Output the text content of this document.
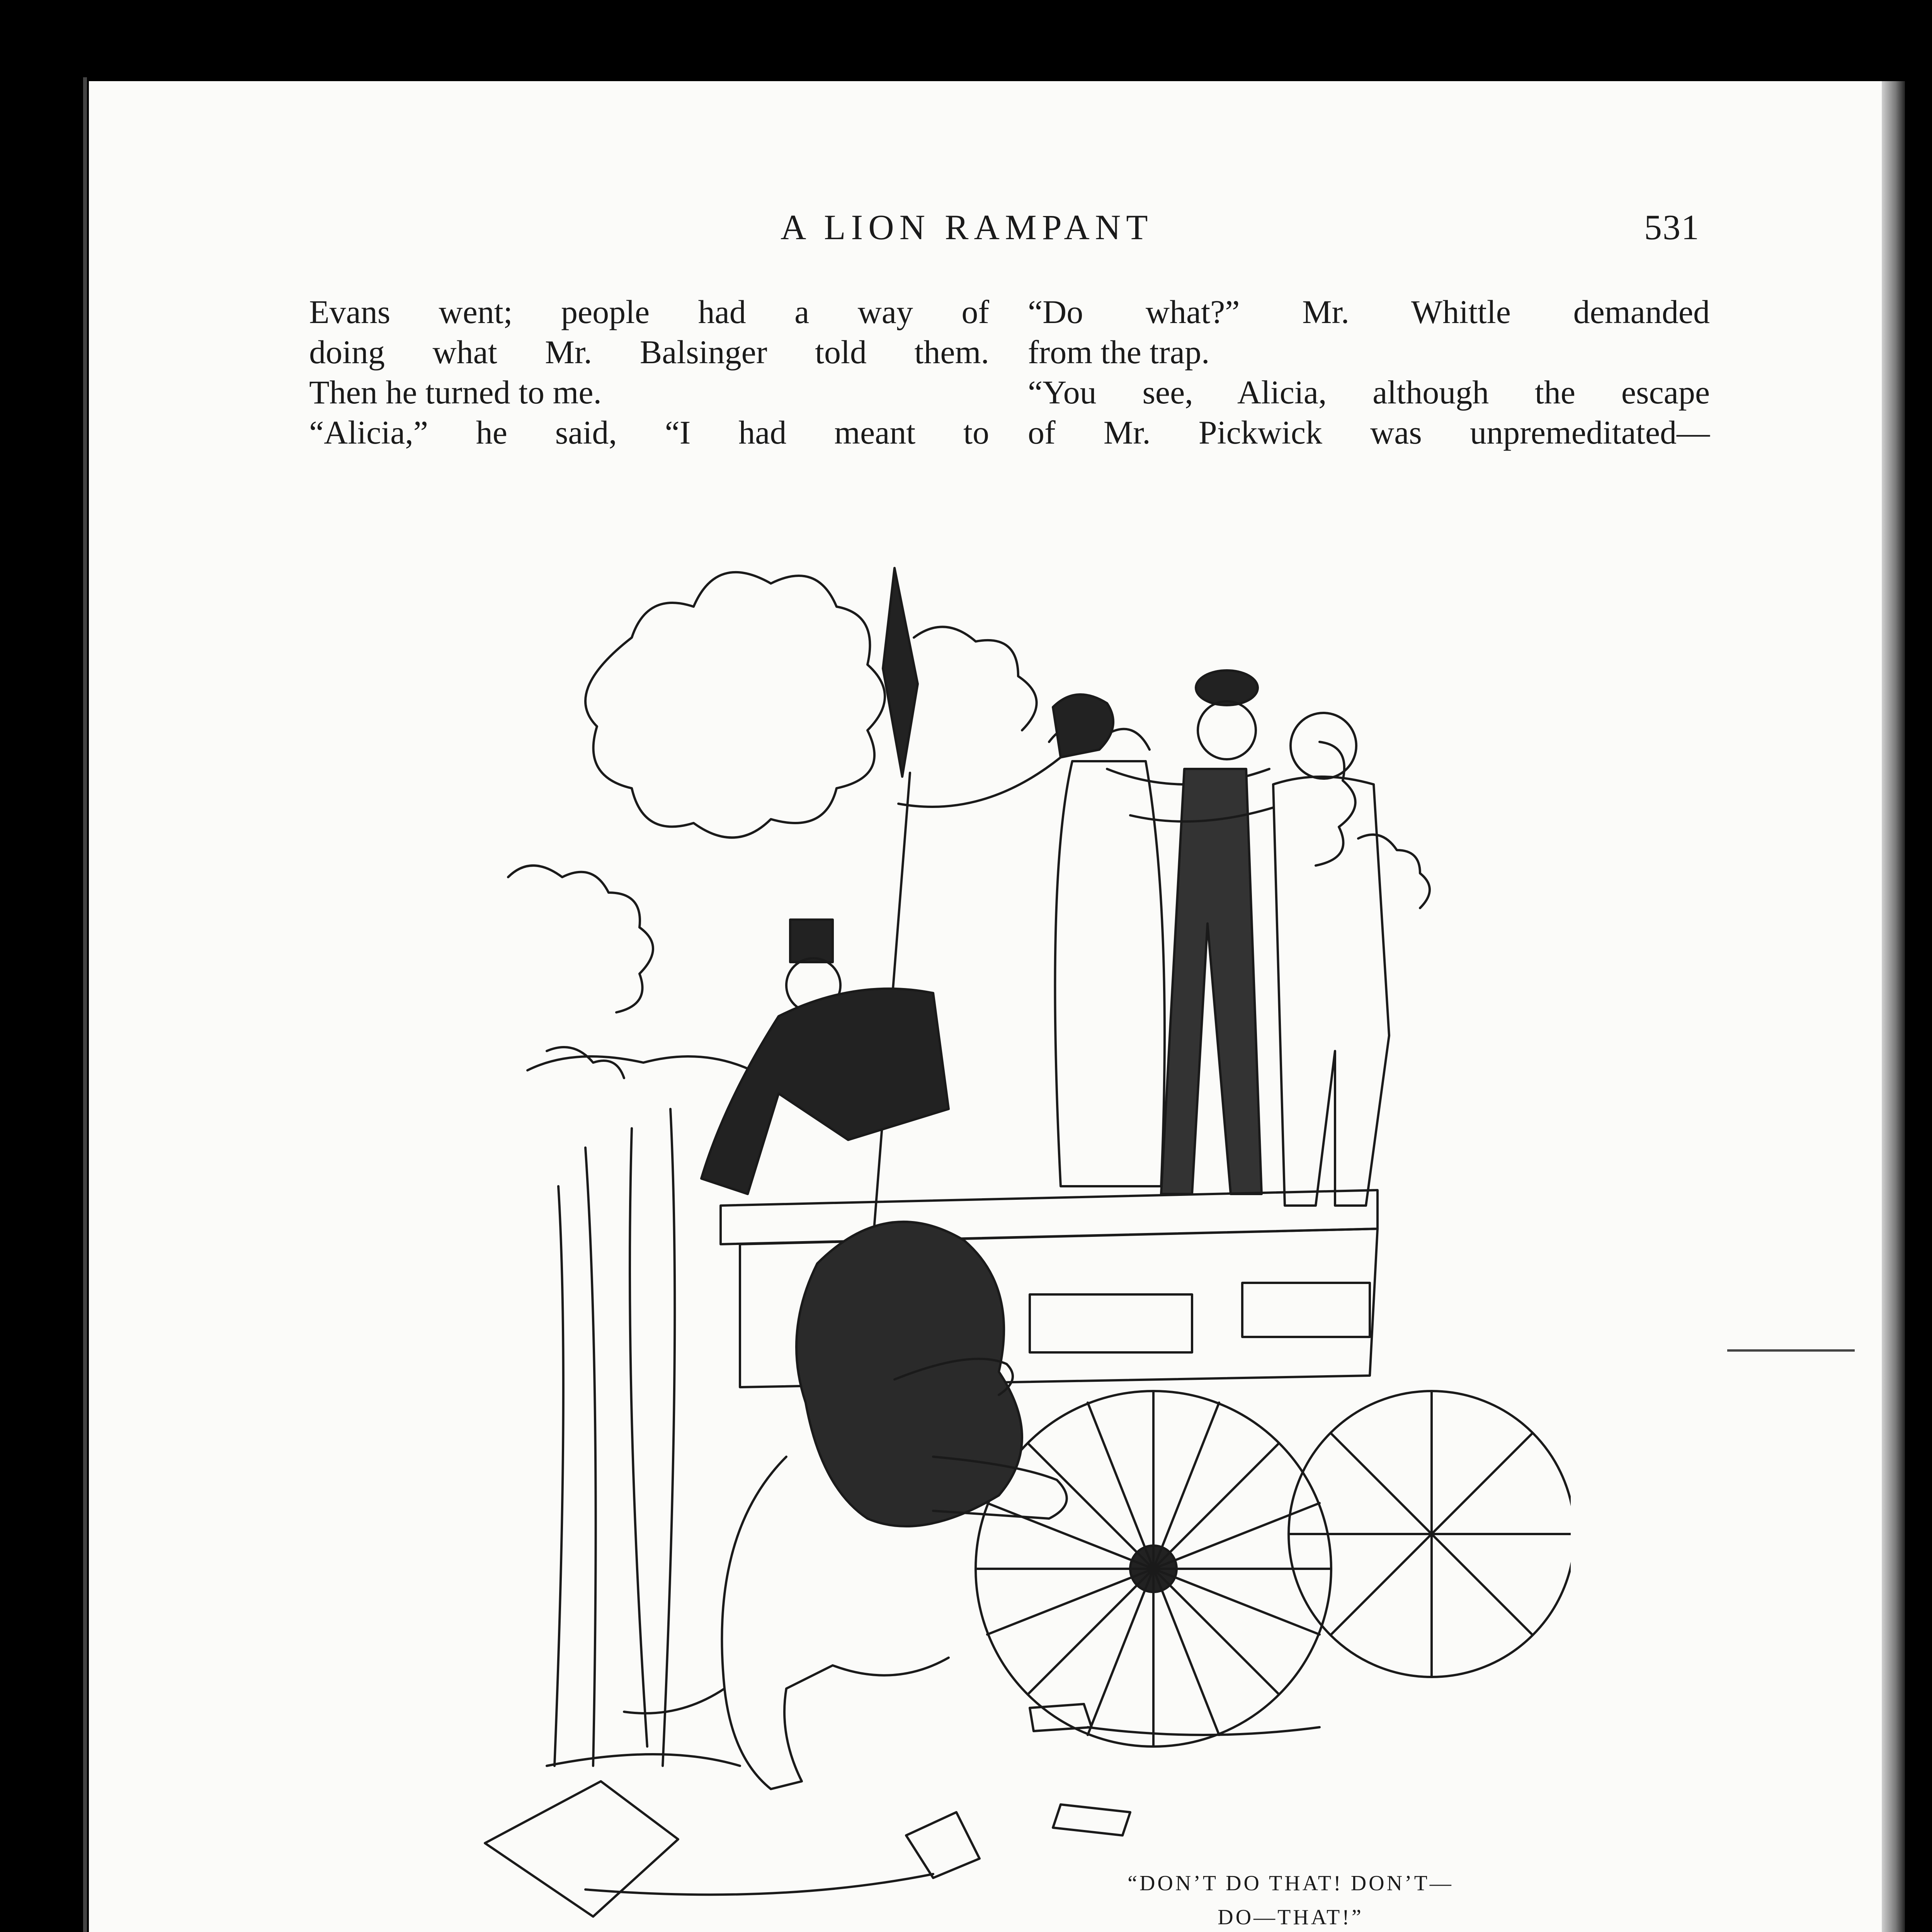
A LION RAMPANT	531
Evans went; people had a way of
doing what Mr. Balsinger told them.
Then he turned to me.
“Alicia,” he said, “I had meant to
“Do what?” Mr. Whittle demanded
from the trap.
“You see, Alicia, although the escape
of Mr. Pickwick was unpremeditated—
“DON’T DO THAT! DON’T—
DO—THAT!”
